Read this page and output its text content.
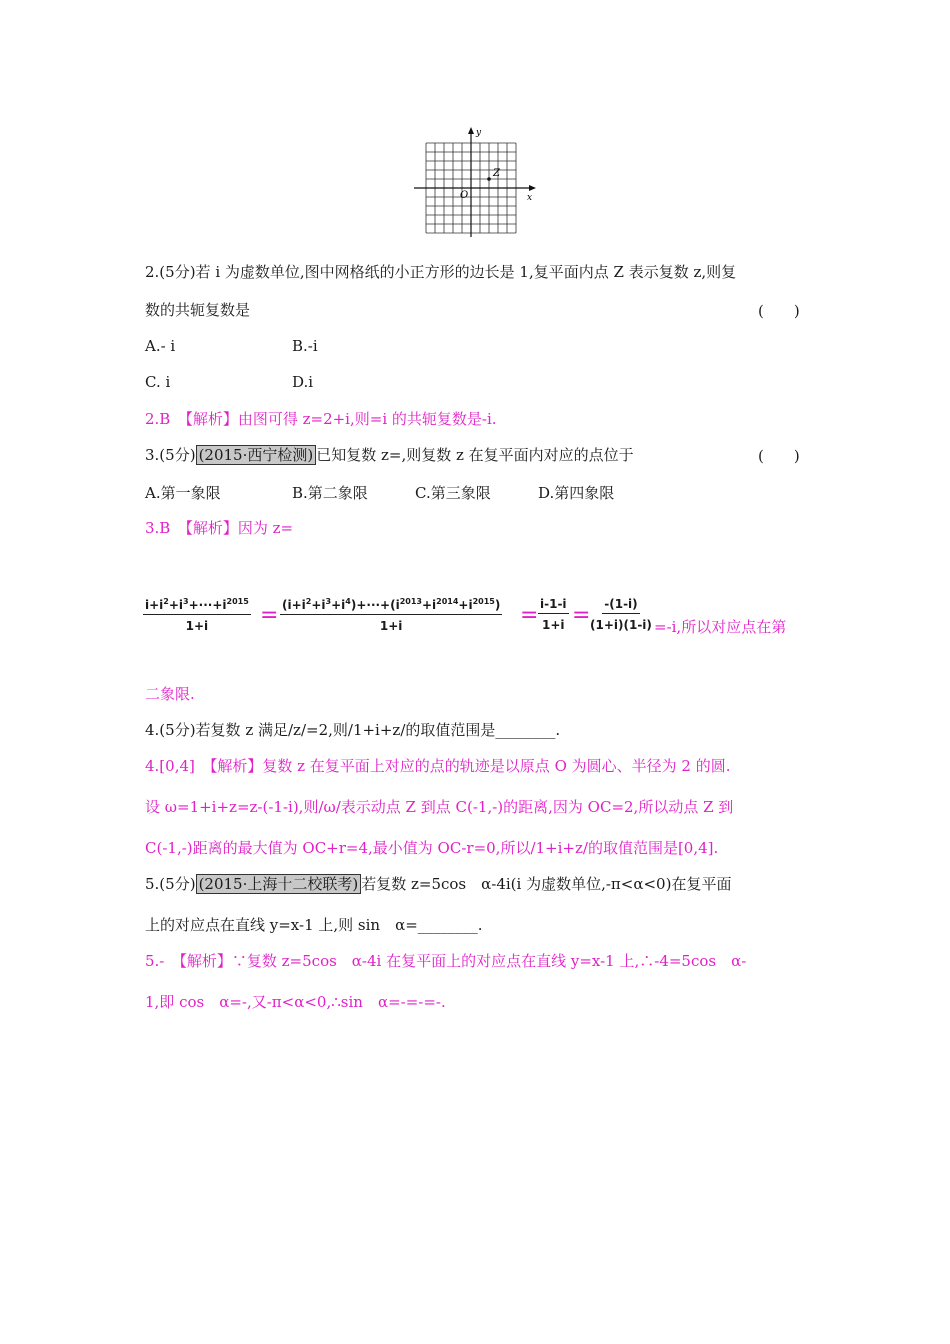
x
y
O
Z
2.(5分)若 i 为虚数单位,图中网格纸的小正方形的边长是 1,复平面内点 Z 表示复数 z,则复
数的共轭复数是	(　　)
A.- i	B.-i
C. i	D.i
2.B　【解析】由图可得 z=2+i,则=i 的共轭复数是-i.
3.(5分) (2015·西宁检测) 已知复数 z=,则复数 z 在复平面内对应的点位于	(　　)
A.第一象限	B.第二象限	C.第三象限	D.第四象限
3.B　【解析】因为 z=
$\frac{i+i^2+i^3+\cdot\cdot\cdot+i^{2015}}{1+i} = \frac{(i+i^2+i^3+i^4)+\cdot\cdot\cdot+(i^{2013}+i^{2014}+i^{2015})}{1+i} = \frac{i-1-i}{1+i} = \frac{-(1-i)}{(1+i)(1-i)} =-i$,所以对应点在第
二象限.
4.(5分)若复数 z 满足/z/=2,则/1+i+z/的取值范围是________.
4.[0,4]　【解析】复数 z 在复平面上对应的点的轨迹是以原点 O 为圆心、半径为 2 的圆.
设 ω=1+i+z=z-(-1-i),则/ω/表示动点 Z 到点 C(-1,-)的距离,因为 OC=2,所以动点 Z 到
C(-1,-)距离的最大值为 OC+r=4,最小值为 OC-r=0,所以/1+i+z/的取值范围是[0,4].
5.(5分) (2015·上海十二校联考) 若复数 z=5cos　α-4i(i 为虚数单位,-π<α<0)在复平面
上的对应点在直线 y=x-1 上,则 sin　α=________.
5.-　【解析】∵复数 z=5cos　α-4i 在复平面上的对应点在直线 y=x-1 上,∴-4=5cos　α-
1,即 cos　α=-,又-π<α<0,∴sin　α=-=-=-.
